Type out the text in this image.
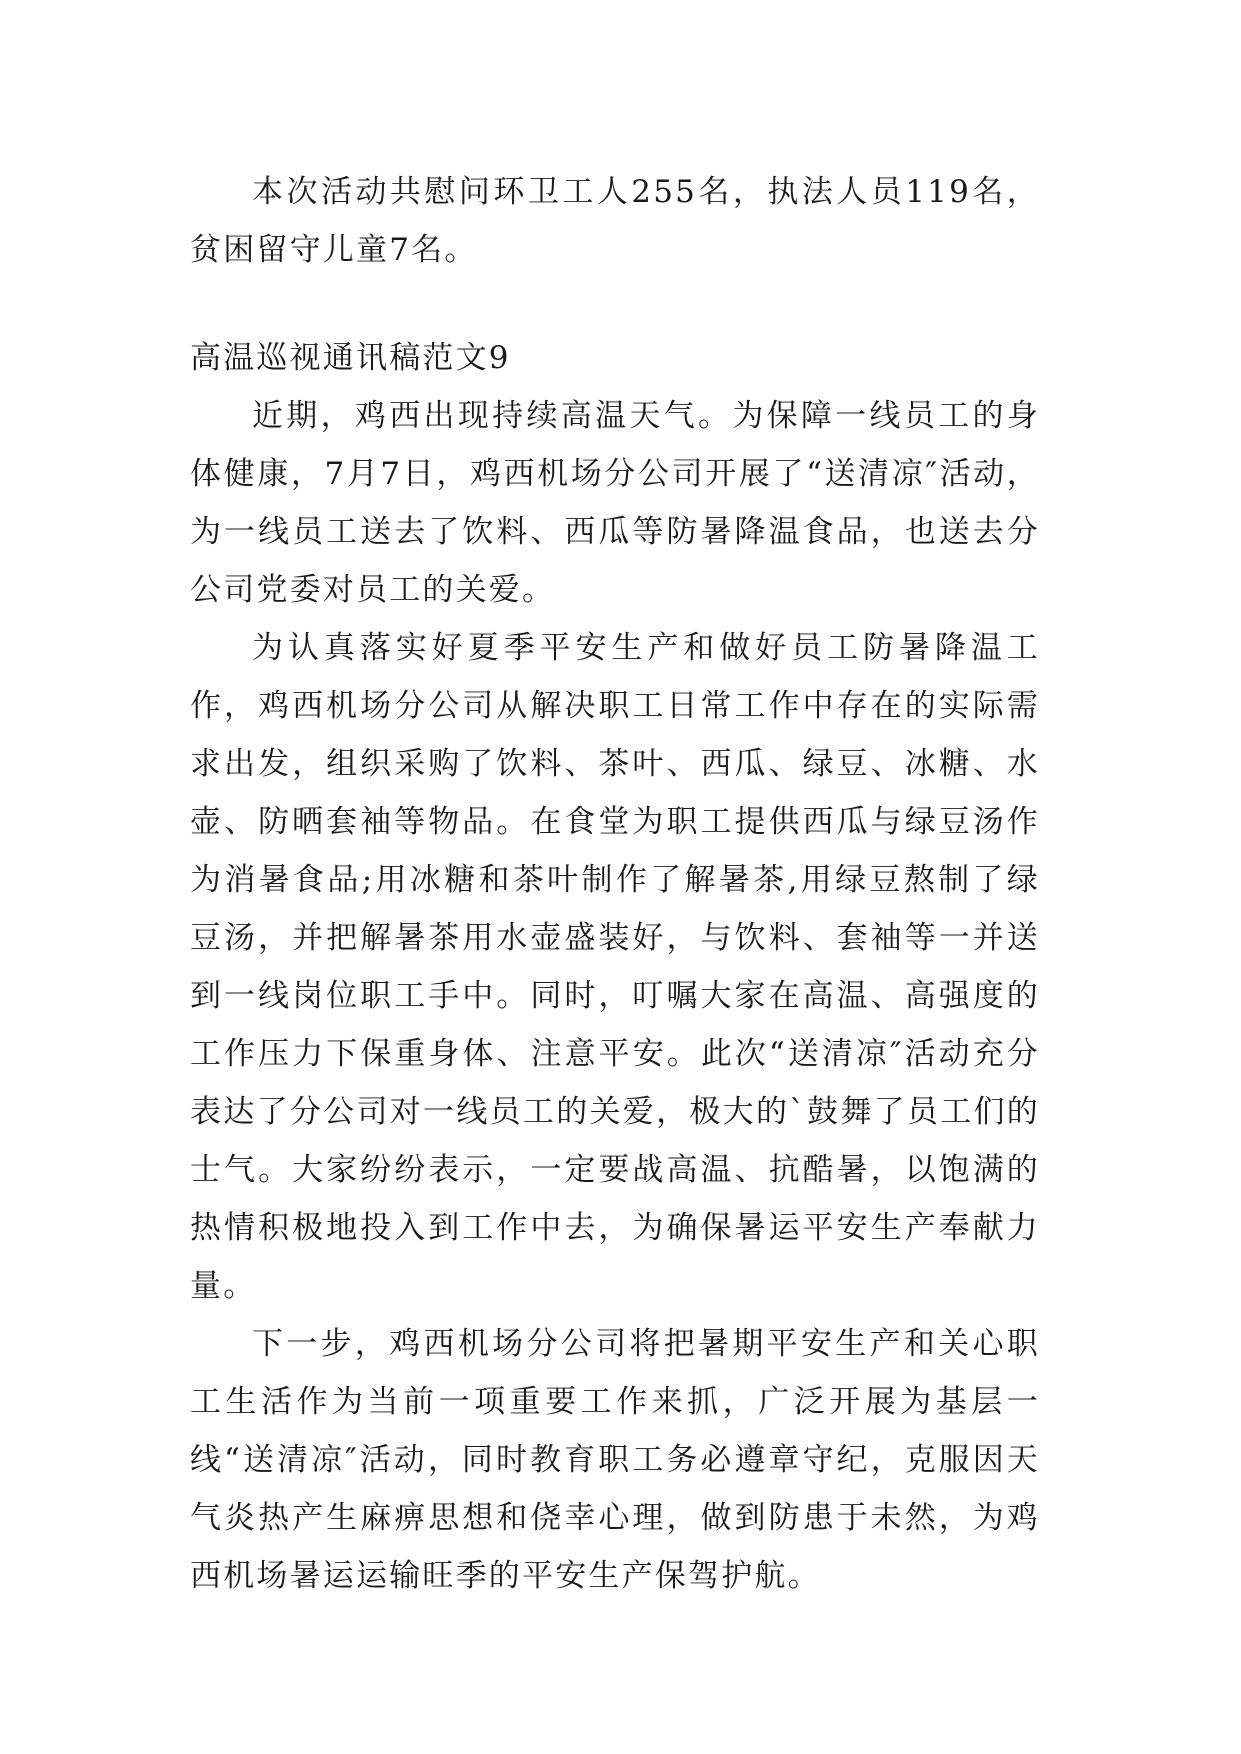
本次活动共慰问环卫工人255名，执法人员119名，贫困留守儿童7名。

高温巡视通讯稿范文9

近期，鸡西出现持续高温天气。为保障一线员工的身体健康，7月7日，鸡西机场分公司开展了“送清凉″活动，为一线员工送去了饮料、西瓜等防暑降温食品，也送去分公司党委对员工的关爱。

为认真落实好夏季平安生产和做好员工防暑降温工作，鸡西机场分公司从解决职工日常工作中存在的实际需求出发，组织采购了饮料、茶叶、西瓜、绿豆、冰糖、水壶、防晒套袖等物品。在食堂为职工提供西瓜与绿豆汤作为消暑食品;用冰糖和茶叶制作了解暑茶,用绿豆熬制了绿豆汤，并把解暑茶用水壶盛装好，与饮料、套袖等一并送到一线岗位职工手中。同时，叮嘱大家在高温、高强度的工作压力下保重身体、注意平安。此次“送清凉″活动充分表达了分公司对一线员工的关爱，极大的`鼓舞了员工们的士气。大家纷纷表示，一定要战高温、抗酷暑，以饱满的热情积极地投入到工作中去，为确保暑运平安生产奉献力量。

下一步，鸡西机场分公司将把暑期平安生产和关心职工生活作为当前一项重要工作来抓，广泛开展为基层一线“送清凉″活动，同时教育职工务必遵章守纪，克服因天气炎热产生麻痹思想和侥幸心理，做到防患于未然，为鸡西机场暑运运输旺季的平安生产保驾护航。
